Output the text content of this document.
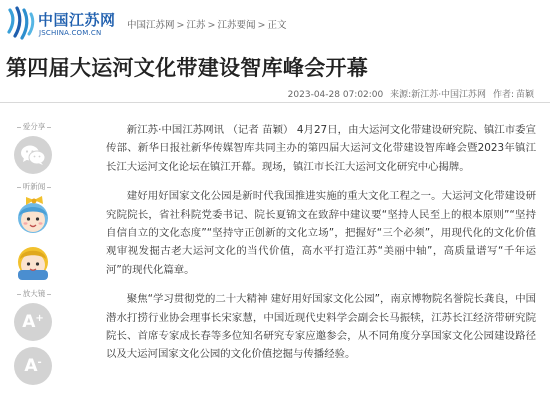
中国江苏网
JSCHINA.COM.CN
中国江苏网 > 江苏 > 江苏要闻 > 正文
第四届大运河文化带建设智库峰会开幕
2023-04-28 07:02:00 来源:新江苏·中国江苏网 作者: 苗颖
爱分享
听新闻
放大镜
A+
A-

新江苏·中国江苏网讯 （记者 苗颖） 4月27日，由大运河文化带建设研究院、镇江市委宣传部、新华日报社新华传媒智库共同主办的第四届大运河文化带建设智库峰会暨2023年镇江长江大运河文化论坛在镇江开幕。现场，镇江市长江大运河文化研究中心揭牌。

建好用好国家文化公园是新时代我国推进实施的重大文化工程之一。大运河文化带建设研究院院长，省社科院党委书记、院长夏锦文在致辞中建议要“坚持人民至上的根本原则”“坚持自信自立的文化态度”“坚持守正创新的文化立场”，把握好“三个必须”，用现代化的文化价值观审视发掘古老大运河文化的当代价值，高水平打造江苏“美丽中轴”，高质量谱写“千年运河”的现代化篇章。

聚焦“学习贯彻党的二十大精神 建好用好国家文化公园”，南京博物院名誉院长龚良，中国潜水打捞行业协会理事长宋家慧，中国近现代史料学会副会长马振犊，江苏长江经济带研究院院长、首席专家成长春等多位知名研究专家应邀参会，从不同角度分享国家文化公园建设路径以及大运河国家文化公园的文化价值挖掘与传播经验。
